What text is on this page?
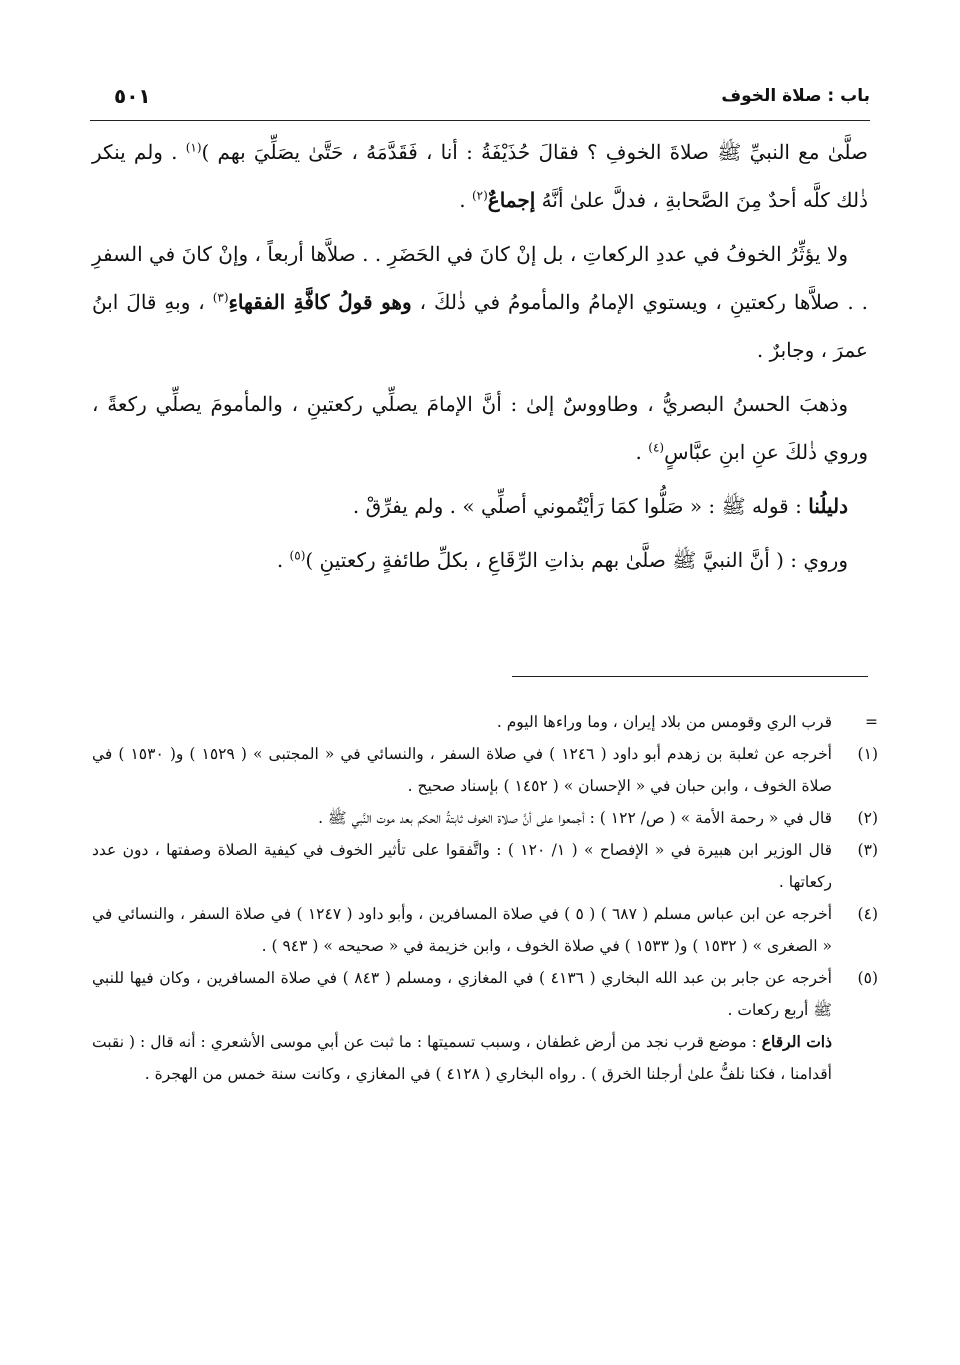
باب : صلاة الخوف
٥٠١

صلَّىٰ مع النبيِّ ﷺ صلاةَ الخوفِ ؟ فقالَ حُذَيْفَةُ : أنا ، فَقَدَّمَهُ ، حَتَّىٰ يصَلِّيَ بهم )$^{(١)}$ . ولم ينكر ذٰلك كلَّه أحدٌ مِنَ الصَّحابةِ ، فدلَّ علىٰ أنَّهُ إجماعٌ$^{(٢)}$ .

ولا يؤثِّرُ الخوفُ في عددِ الركعاتِ ، بل إنْ كانَ في الحَضَرِ . . صلاَّها أربعاً ، وإنْ كانَ في السفرِ . . صلاَّها ركعتينِ ، ويستوي الإمامُ والمأمومُ في ذٰلكَ ، وهو قولُ كافَّةِ الفقهاءِ$^{(٣)}$ ، وبهِ قالَ ابنُ عمرَ ، وجابرٌ .

وذهبَ الحسنُ البصريُّ ، وطاووسٌ إلىٰ : أنَّ الإمامَ يصلِّي ركعتينِ ، والمأمومَ يصلِّي ركعةً ، وروي ذٰلكَ عنِ ابنِ عبَّاسٍ$^{(٤)}$ .

دليلُنا : قوله ﷺ : « صَلُّوا كمَا رَأيْتُموني أصلِّي » . ولم يفرِّقْ .

وروي : ( أنَّ النبيَّ ﷺ صلَّىٰ بهم بذاتِ الرِّقَاعِ ، بكلِّ طائفةٍ ركعتينِ )$^{(٥)}$ .

=
قرب الري وقومس من بلاد إيران ، وما وراءها اليوم .
(١)
أخرجه عن ثعلبة بن زهدم أبو داود ( ١٢٤٦ ) في صلاة السفر ، والنسائي في « المجتبى » ( ١٥٢٩ ) و( ١٥٣٠ ) في صلاة الخوف ، وابن حبان في « الإحسان » ( ١٤٥٢ ) بإسناد صحيح .
(٢)
قال في « رحمة الأمة » ( ص/ ١٢٢ ) : أجمعوا على أنَّ صلاة الخوف ثابتةُ الحكم بعد موت النَّبي ﷺ .
(٣)
قال الوزير ابن هبيرة في « الإفصاح » ( ١/ ١٢٠ ) : واتَّفقوا على تأثير الخوف في كيفية الصلاة وصفتها ، دون عدد ركعاتها .
(٤)
أخرجه عن ابن عباس مسلم ( ٦٨٧ ) ( ٥ ) في صلاة المسافرين ، وأبو داود ( ١٢٤٧ ) في صلاة السفر ، والنسائي في « الصغرى » ( ١٥٣٢ ) و( ١٥٣٣ ) في صلاة الخوف ، وابن خزيمة في « صحيحه » ( ٩٤٣ ) .
(٥)
أخرجه عن جابر بن عبد الله البخاري ( ٤١٣٦ ) في المغازي ، ومسلم ( ٨٤٣ ) في صلاة المسافرين ، وكان فيها للنبي ﷺ أربع ركعات .
ذات الرقاع : موضع قرب نجد من أرض غطفان ، وسبب تسميتها : ما ثبت عن أبي موسى الأشعري : أنه قال : ( نقبت أقدامنا ، فكنا نلفُّ علىٰ أرجلنا الخرق ) . رواه البخاري ( ٤١٢٨ ) في المغازي ، وكانت سنة خمس من الهجرة .
